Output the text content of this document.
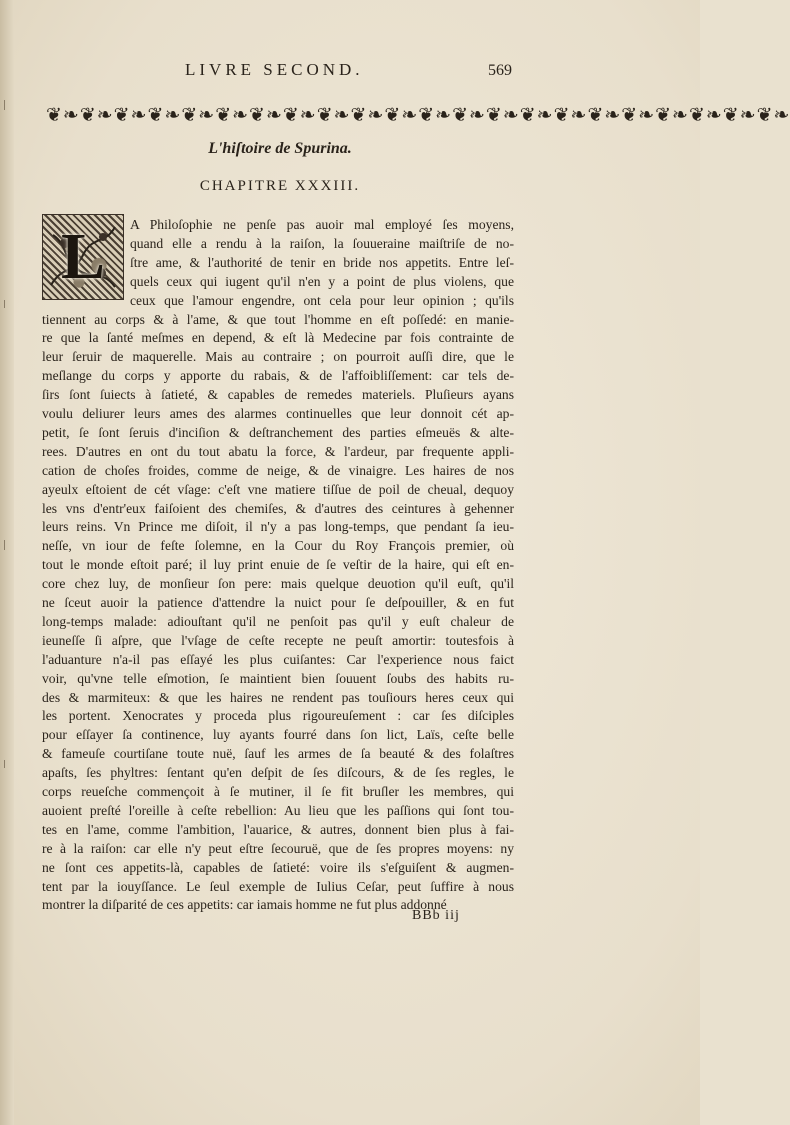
LIVRE SECOND.	569
❦❧❦❧❦❧❦❧❦❧❦❧❦❧❦❧❦❧❦❧❦❧❦❧❦❧❦❧❦❧❦❧❦❧❦❧❦❧❦❧❦❧❦❧
L'hiſtoire de Spurina.
CHAPITRE XXXIII.
L	A Philoſophie ne penſe pas auoir mal employé ſes moyens,
quand elle a rendu à la raiſon, la ſouueraine maiſtriſe de no-
ſtre ame, & l'authorité de tenir en bride nos appetits. Entre leſ-
quels ceux qui iugent qu'il n'en y a point de plus violens, que
ceux que l'amour engendre, ont cela pour leur opinion ; qu'ils
tiennent au corps & à l'ame, & que tout l'homme en eſt poſſedé: en manie-
re que la ſanté meſmes en depend, & eſt là Medecine par fois contrainte de
leur ſeruir de maquerelle. Mais au contraire ; on pourroit auſſi dire, que le
meſlange du corps y apporte du rabais, & de l'affoibliſſement: car tels de-
ſirs ſont ſuiects à ſatieté, & capables de remedes materiels. Pluſieurs ayans
voulu deliurer leurs ames des alarmes continuelles que leur donnoit cét ap-
petit, ſe ſont ſeruis d'inciſion & deſtranchement des parties eſmeuës & alte-
rees. D'autres en ont du tout abatu la force, & l'ardeur, par frequente appli-
cation de choſes froides, comme de neige, & de vinaigre. Les haires de nos
ayeulx eſtoient de cét vſage: c'eſt vne matiere tiſſue de poil de cheual, dequoy
les vns d'entr'eux faiſoient des chemiſes, & d'autres des ceintures à gehenner
leurs reins. Vn Prince me diſoit, il n'y a pas long-temps, que pendant ſa ieu-
neſſe, vn iour de feſte ſolemne, en la Cour du Roy François premier, où
tout le monde eſtoit paré; il luy print enuie de ſe veſtir de la haire, qui eſt en-
core chez luy, de monſieur ſon pere: mais quelque deuotion qu'il euſt, qu'il
ne ſceut auoir la patience d'attendre la nuict pour ſe deſpouiller, & en fut
long-temps malade: adiouſtant qu'il ne penſoit pas qu'il y euſt chaleur de
ieuneſſe ſi aſpre, que l'vſage de ceſte recepte ne peuſt amortir: toutesfois à
l'aduanture n'a-il pas eſſayé les plus cuiſantes: Car l'experience nous faict
voir, qu'vne telle eſmotion, ſe maintient bien ſouuent ſoubs des habits ru-
des & marmiteux: & que les haires ne rendent pas touſiours heres ceux qui
les portent. Xenocrates y proceda plus rigoureuſement : car ſes diſciples
pour eſſayer ſa continence, luy ayants fourré dans ſon lict, Laïs, ceſte belle
& fameuſe courtiſane toute nuë, ſauf les armes de ſa beauté & des folaſtres
apaſts, ſes phyltres: ſentant qu'en deſpit de ſes diſcours, & de ſes regles, le
corps reueſche commençoit à ſe mutiner, il ſe fit bruſler les membres, qui
auoient preſté l'oreille à ceſte rebellion: Au lieu que les paſſions qui ſont tou-
tes en l'ame, comme l'ambition, l'auarice, & autres, donnent bien plus à fai-
re à la raiſon: car elle n'y peut eſtre ſecouruë, que de ſes propres moyens: ny
ne ſont ces appetits-là, capables de ſatieté: voire ils s'eſguiſent & augmen-
tent par la iouyſſance. Le ſeul exemple de Iulius Ceſar, peut ſuffire à nous
montrer la diſparité de ces appetits: car iamais homme ne fut plus addonné
BBb iij
